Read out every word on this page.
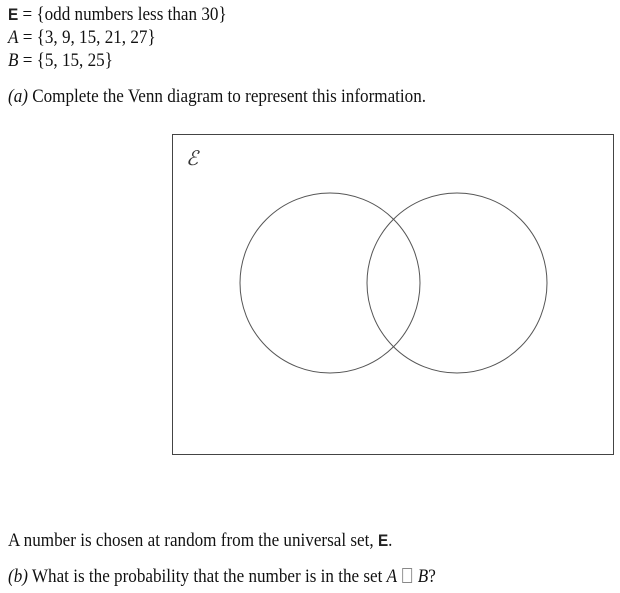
E = {odd numbers less than 30}
A = {3, 9, 15, 21, 27}
B = {5, 15, 25}
(a) Complete the Venn diagram to represent this information.
ℰ
A number is chosen at random from the universal set, E.
(b) What is the probability that the number is in the set A B?
